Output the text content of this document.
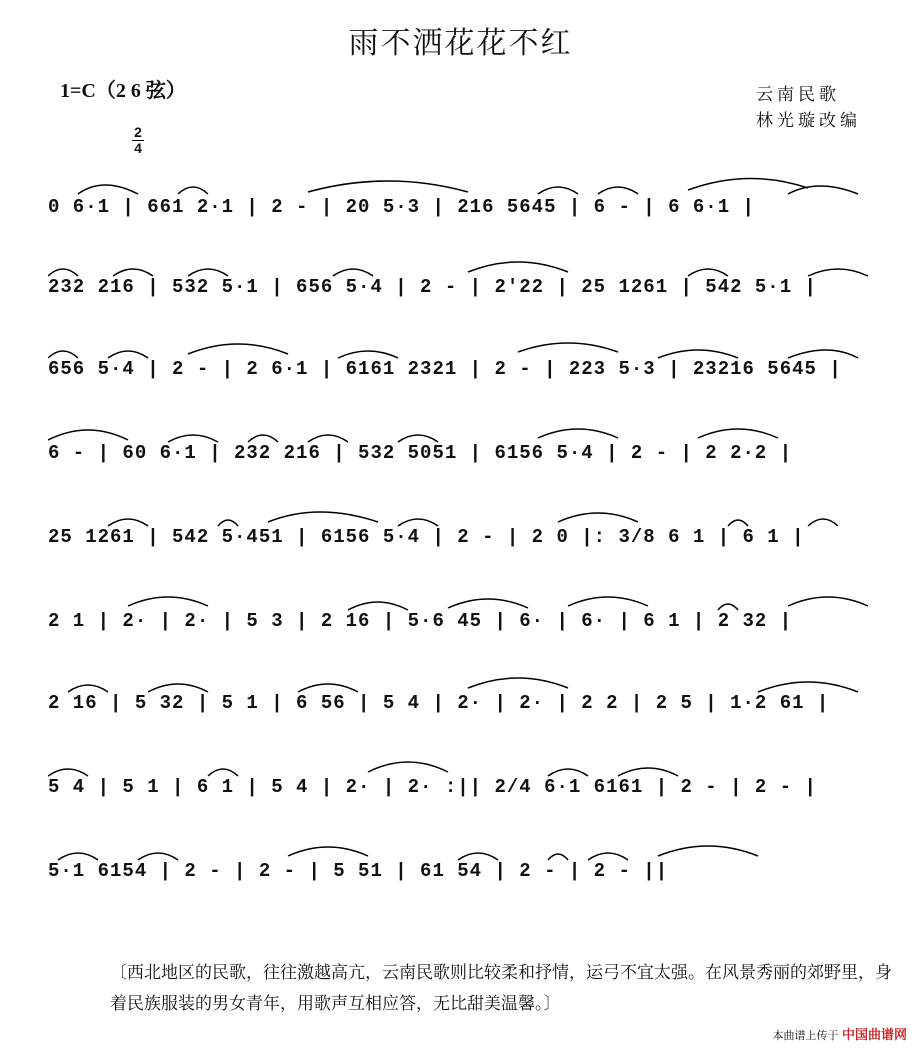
雨不洒花花不红
1=C（2 6 弦）	云南民歌
林光璇改编
2
4
0 6·1 | 661 2·1 | 2 - | 20 5·3 | 216 5645 | 6 - | 6 6·1 |
232 216 | 532 5·1 | 656 5·4 | 2 - | 2'22 | 25 1261 | 542 5·1 |
656 5·4 | 2 - | 2 6·1 | 6161 2321 | 2 - | 223 5·3 | 23216 5645 |
6 - | 60 6·1 | 232 216 | 532 5051 | 6156 5·4 | 2 - | 2 2·2 |
25 1261 | 542 5·451 | 6156 5·4 | 2 - | 2 0 |: 3/8 6 1 | 6 1 |
2 1 | 2· | 2· | 5 3 | 2 16 | 5·6 45 | 6· | 6· | 6 1 | 2 32 |
2 16 | 5 32 | 5 1 | 6 56 | 5 4 | 2· | 2· | 2 2 | 2 5 | 1·2 61 |
5 4 | 5 1 | 6 1 | 5 4 | 2· | 2· :|| 2/4 6·1 6161 | 2 - | 2 - |
5·1 6154 | 2 - | 2 - | 5 51 | 61 54 | 2 - | 2 - ||
〔西北地区的民歌，往往激越高亢，云南民歌则比较柔和抒情，运弓不宜太强。在风景秀丽的郊野里，身着民族服装的男女青年，用歌声互相应答，无比甜美温馨。〕
本曲谱上传于 中国曲谱网
